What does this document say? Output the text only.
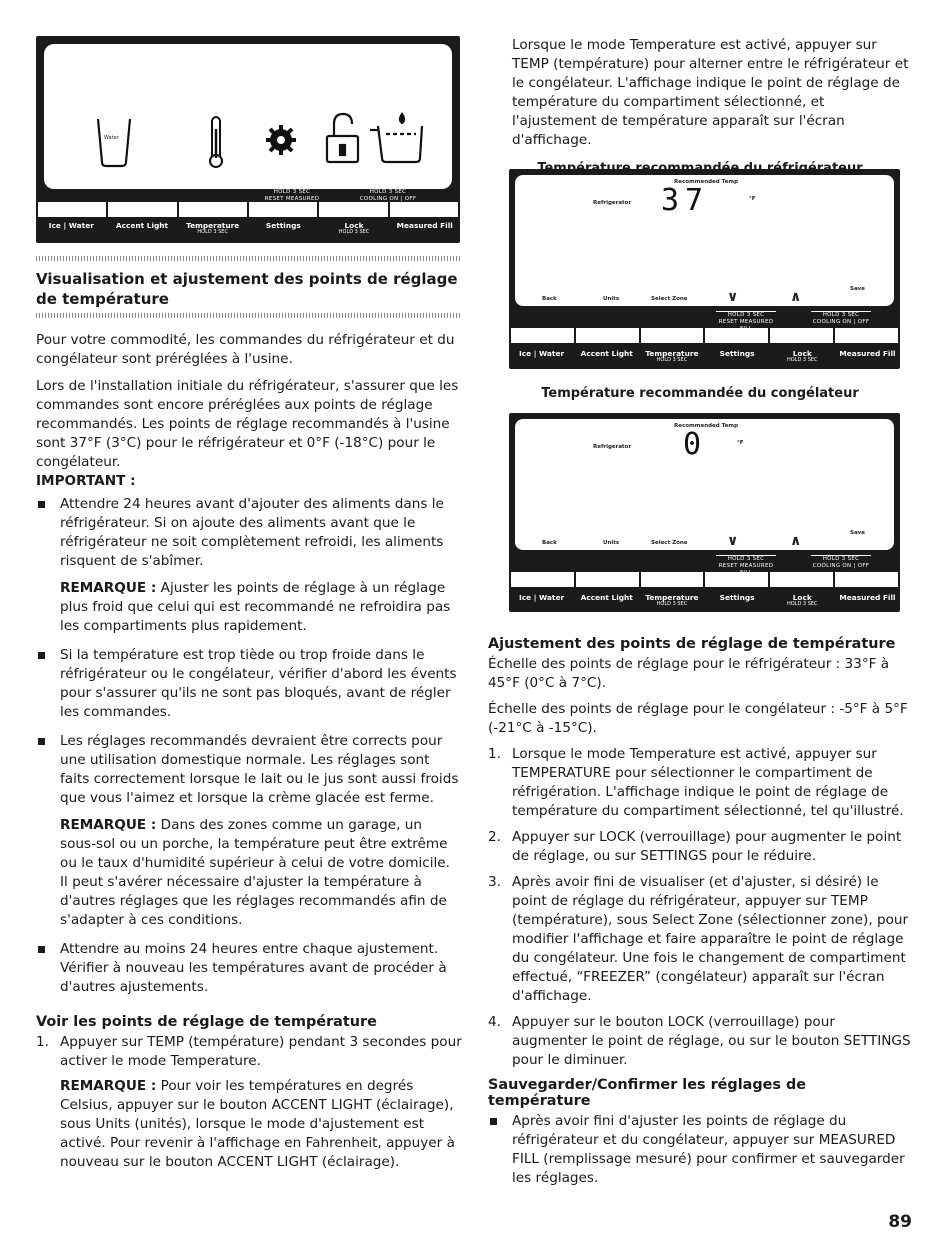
Water
HOLD 3 SEC
RESET MEASURED
HOLD 3 SEC
COOLING ON | OFF
Ice | Water	Accent Light	Temperature
HOLD 3 SEC
Settings	Lock
HOLD 3 SEC
Measured Fill

Visualisation et ajustement des points de réglage de température

Pour votre commodité, les commandes du réfrigérateur et du congélateur sont préréglées à l'usine.

Lors de l'installation initiale du réfrigérateur, s'assurer que les commandes sont encore préréglées aux points de réglage recommandés. Les points de réglage recommandés à l'usine sont 37°F (3°C) pour le réfrigérateur et 0°F (-18°C) pour le congélateur.

IMPORTANT :

Attendre 24 heures avant d'ajouter des aliments dans le réfrigérateur. Si on ajoute des aliments avant que le réfrigérateur ne soit complètement refroidi, les aliments risquent de s'abîmer.

REMARQUE : Ajuster les points de réglage à un réglage plus froid que celui qui est recommandé ne refroidira pas les compartiments plus rapidement.

Si la température est trop tiède ou trop froide dans le réfrigérateur ou le congélateur, vérifier d'abord les évents pour s'assurer qu'ils ne sont pas bloqués, avant de régler les commandes.

Les réglages recommandés devraient être corrects pour une utilisation domestique normale. Les réglages sont faits correctement lorsque le lait ou le jus sont aussi froids que vous l'aimez et lorsque la crème glacée est ferme.

REMARQUE : Dans des zones comme un garage, un sous-sol ou un porche, la température peut être extrême ou le taux d'humidité supérieur à celui de votre domicile. Il peut s'avérer nécessaire d'ajuster la température à d'autres réglages que les réglages recommandés afin de s'adapter à ces conditions.

Attendre au moins 24 heures entre chaque ajustement. Vérifier à nouveau les températures avant de procéder à d'autres ajustements.

Voir les points de réglage de température

1. Appuyer sur TEMP (température) pendant 3 secondes pour activer le mode Temperature.

REMARQUE : Pour voir les températures en degrés Celsius, appuyer sur le bouton ACCENT LIGHT (éclairage), sous Units (unités), lorsque le mode d'ajustement est activé. Pour revenir à l'affichage en Fahrenheit, appuyer à nouveau sur le bouton ACCENT LIGHT (éclairage).

Lorsque le mode Temperature est activé, appuyer sur TEMP (température) pour alterner entre le réfrigérateur et le congélateur. L'affichage indique le point de réglage de température du compartiment sélectionné, et l'ajustement de température apparaît sur l'écran d'affichage.

Recommended Temp
Refrigerator 37	°F
Save
Back	Units	Select Zone	∨	∧
HOLD 3 SEC
RESET MEASURED
HOLD 3 SEC
COOLING ON | OFF
Ice | Water	Accent Light	Temperature
HOLD 3 SEC
Settings	Lock
HOLD 3 SEC
Measured Fill

Température recommandée du congélateur

Recommended Temp
Refrigerator 0	°F
Save
Back	Units	Select Zone	∨	∧
HOLD 3 SEC
RESET MEASURED
HOLD 3 SEC
COOLING ON | OFF
Ice | Water	Accent Light	Temperature
HOLD 3 SEC
Settings	Lock
HOLD 3 SEC
Measured Fill

Ajustement des points de réglage de température

Échelle des points de réglage pour le réfrigérateur : 33°F à 45°F (0°C à 7°C).

Échelle des points de réglage pour le congélateur : -5°F à 5°F (-21°C à -15°C).

1. Lorsque le mode Temperature est activé, appuyer sur TEMPERATURE pour sélectionner le compartiment de réfrigération. L'affichage indique le point de réglage de température du compartiment sélectionné, tel qu'illustré.

2. Appuyer sur LOCK (verrouillage) pour augmenter le point de réglage, ou sur SETTINGS pour le réduire.

3. Après avoir fini de visualiser (et d'ajuster, si désiré) le point de réglage du réfrigérateur, appuyer sur TEMP (température), sous Select Zone (sélectionner zone), pour modifier l'affichage et faire apparaître le point de réglage du congélateur. Une fois le changement de compartiment effectué, “FREEZER” (congélateur) apparaît sur l'écran d'affichage.

4. Appuyer sur le bouton LOCK (verrouillage) pour augmenter le point de réglage, ou sur le bouton SETTINGS pour le diminuer.

Sauvegarder/Confirmer les réglages de température

Après avoir fini d'ajuster les points de réglage du réfrigérateur et du congélateur, appuyer sur MEASURED FILL (remplissage mesuré) pour confirmer et sauvegarder les réglages.

89
